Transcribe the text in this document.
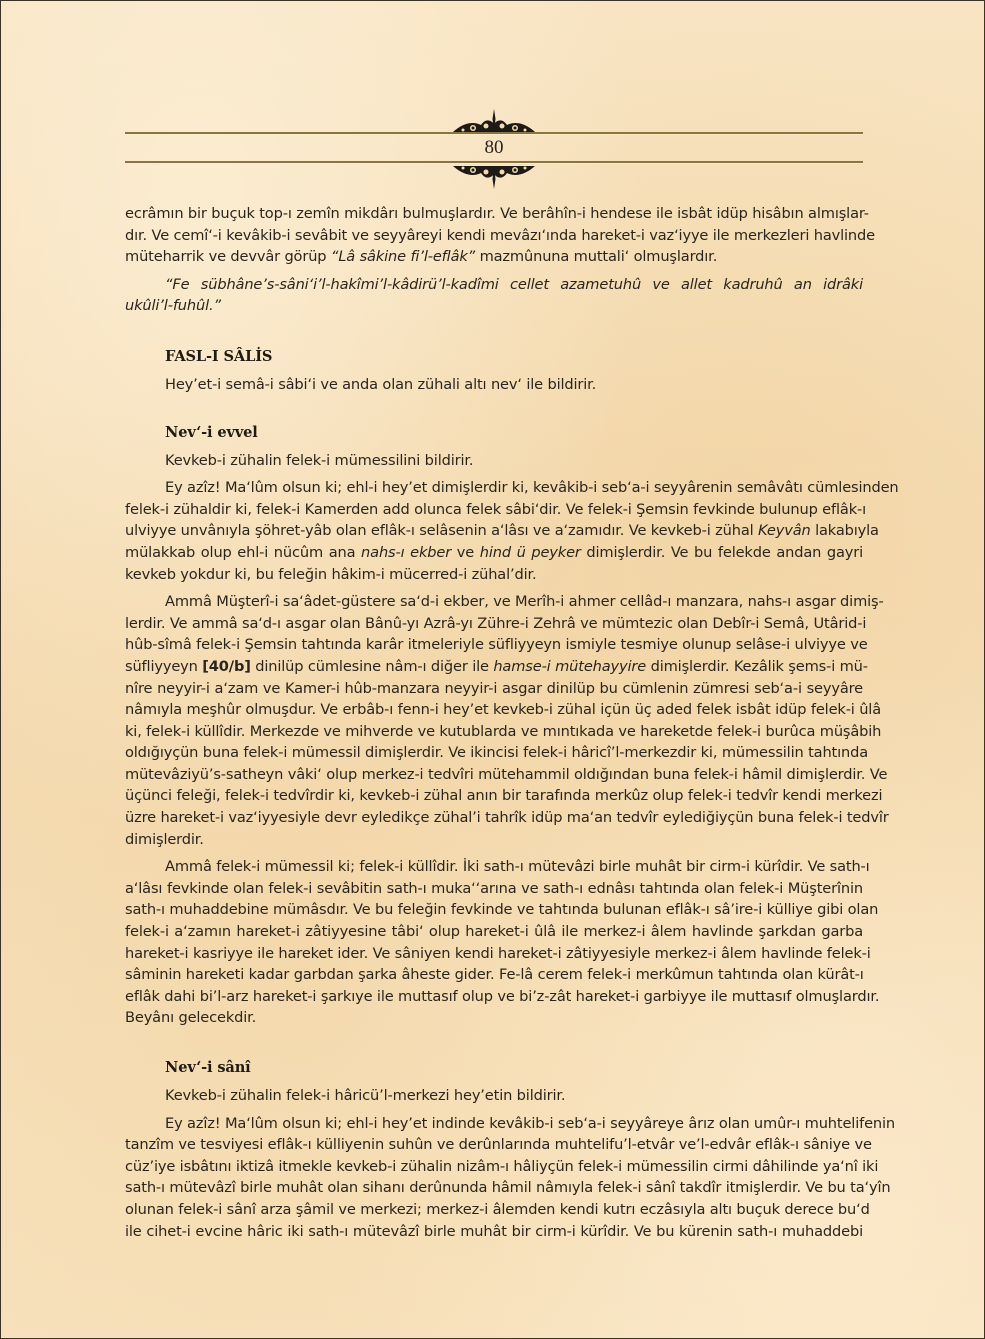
80
ecrâmın bir buçuk top-ı zemîn mikdârı bulmuşlardır. Ve berâhîn-i hendese ile isbât idüp hisâbın almışlar-
dır. Ve cemî‘-i kevâkib-i sevâbit ve seyyâreyi kendi mevâzı‘ında hareket-i vaz‘iyye ile merkezleri havlinde
müteharrik ve devvâr görüp “Lâ sâkine fi’l-eflâk” mazmûnuna muttali‘ olmuşlardır.
“Fe sübhâne’s-sâni‘i’l-hakîmi’l-kâdirü’l-kadîmi cellet azametuhû ve allet kadruhû an idrâki
ukûli’l-fuhûl.”
FASL-I SÂLİS
Hey’et-i semâ-i sâbi‘i ve anda olan zühali altı nev‘ ile bildirir.
Nev‘-i evvel
Kevkeb-i zühalin felek-i mümessilini bildirir.
Ey azîz! Ma‘lûm olsun ki; ehl-i hey’et dimişlerdir ki, kevâkib-i seb‘a-i seyyârenin semâvâtı cümlesinden
felek-i zühaldir ki, felek-i Kamerden add olunca felek sâbi‘dir. Ve felek-i Şemsin fevkinde bulunup eflâk-ı
ulviyye unvânıyla şöhret-yâb olan eflâk-ı selâsenin a‘lâsı ve a‘zamıdır. Ve kevkeb-i zühal Keyvân lakabıyla
mülakkab olup ehl-i nücûm ana nahs-ı ekber ve hind ü peyker dimişlerdir. Ve bu felekde andan gayri
kevkeb yokdur ki, bu feleğin hâkim-i mücerred-i zühal’dir.
Ammâ Müşterî-i sa‘âdet-güstere sa‘d-i ekber, ve Merîh-i ahmer cellâd-ı manzara, nahs-ı asgar dimiş-
lerdir. Ve ammâ sa‘d-ı asgar olan Bânû-yı Azrâ-yı Zühre-i Zehrâ ve mümtezic olan Debîr-i Semâ, Utârid-i
hûb-sîmâ felek-i Şemsin tahtında karâr itmeleriyle süfliyyeyn ismiyle tesmiye olunup selâse-i ulviyye ve
süfliyyeyn [40/b] dinilüp cümlesine nâm-ı diğer ile hamse-i mütehayyire dimişlerdir. Kezâlik şems-i mü-
nîre neyyir-i a‘zam ve Kamer-i hûb-manzara neyyir-i asgar dinilüp bu cümlenin zümresi seb‘a-i seyyâre
nâmıyla meşhûr olmuşdur. Ve erbâb-ı fenn-i hey’et kevkeb-i zühal içün üç aded felek isbât idüp felek-i ûlâ
ki, felek-i küllîdir. Merkezde ve mihverde ve kutublarda ve mıntıkada ve hareketde felek-i burûca müşâbih
oldığıyçün buna felek-i mümessil dimişlerdir. Ve ikincisi felek-i hâricî’l-merkezdir ki, mümessilin tahtında
mütevâziyü’s-satheyn vâki‘ olup merkez-i tedvîri mütehammil oldığından buna felek-i hâmil dimişlerdir. Ve
üçünci feleği, felek-i tedvîrdir ki, kevkeb-i zühal anın bir tarafında merkûz olup felek-i tedvîr kendi merkezi
üzre hareket-i vaz‘iyyesiyle devr eyledikçe zühal’i tahrîk idüp ma‘an tedvîr eylediğiyçün buna felek-i tedvîr
dimişlerdir.
Ammâ felek-i mümessil ki; felek-i küllîdir. İki sath-ı mütevâzi birle muhât bir cirm-i kürîdir. Ve sath-ı
a‘lâsı fevkinde olan felek-i sevâbitin sath-ı muka‘‘arına ve sath-ı ednâsı tahtında olan felek-i Müşterînin
sath-ı muhaddebine mümâsdır. Ve bu feleğin fevkinde ve tahtında bulunan eflâk-ı sâ’ire-i külliye gibi olan
felek-i a‘zamın hareket-i zâtiyyesine tâbi‘ olup hareket-i ûlâ ile merkez-i âlem havlinde şarkdan garba
hareket-i kasriyye ile hareket ider. Ve sâniyen kendi hareket-i zâtiyyesiyle merkez-i âlem havlinde felek-i
sâminin hareketi kadar garbdan şarka âheste gider. Fe-lâ cerem felek-i merkûmun tahtında olan kürât-ı
eflâk dahi bi’l-arz hareket-i şarkıye ile muttasıf olup ve bi’z-zât hareket-i garbiyye ile muttasıf olmuşlardır.
Beyânı gelecekdir.
Nev‘-i sânî
Kevkeb-i zühalin felek-i hâricü’l-merkezi hey’etin bildirir.
Ey azîz! Ma‘lûm olsun ki; ehl-i hey’et indinde kevâkib-i seb‘a-i seyyâreye ârız olan umûr-ı muhtelifenin
tanzîm ve tesviyesi eflâk-ı külliyenin suhûn ve derûnlarında muhtelifu’l-etvâr ve’l-edvâr eflâk-ı sâniye ve
cüz’iye isbâtını iktizâ itmekle kevkeb-i zühalin nizâm-ı hâliyçün felek-i mümessilin cirmi dâhilinde ya‘nî iki
sath-ı mütevâzî birle muhât olan sihanı derûnunda hâmil nâmıyla felek-i sânî takdîr itmişlerdir. Ve bu ta‘yîn
olunan felek-i sânî arza şâmil ve merkezi; merkez-i âlemden kendi kutrı eczâsıyla altı buçuk derece bu‘d
ile cihet-i evcine hâric iki sath-ı mütevâzî birle muhât bir cirm-i kürîdir. Ve bu kürenin sath-ı muhaddebi
